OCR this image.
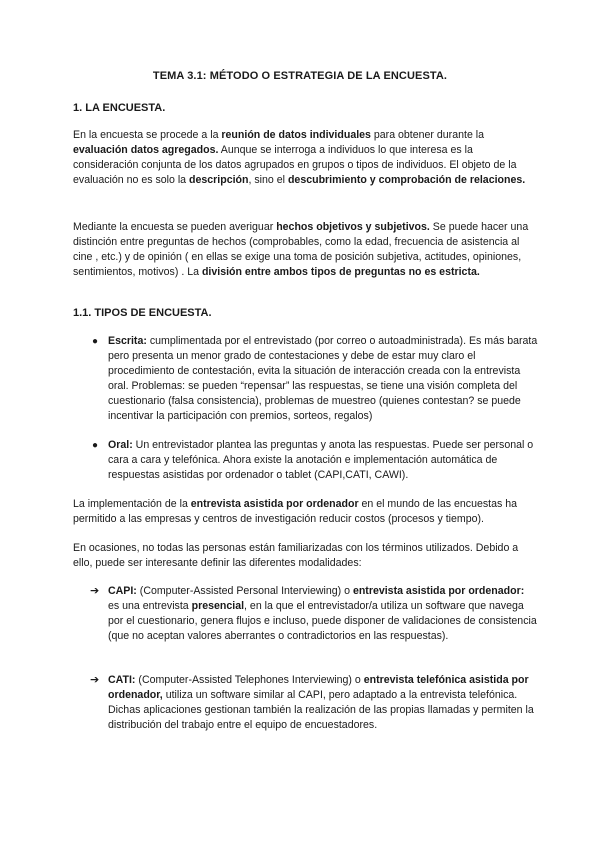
TEMA 3.1: MÉTODO O ESTRATEGIA DE LA ENCUESTA.
1. LA ENCUESTA.

En la encuesta se procede a la reunión de datos individuales para obtener durante la evaluación datos agregados. Aunque se interroga a individuos lo que interesa es la consideración conjunta de los datos agrupados en grupos o tipos de individuos. El objeto de la evaluación no es solo la descripción, sino el descubrimiento y comprobación de relaciones.

Mediante la encuesta se pueden averiguar hechos objetivos y subjetivos. Se puede hacer una distinción entre preguntas de hechos (comprobables, como la edad, frecuencia de asistencia al cine , etc.) y de opinión ( en ellas se exige una toma de posición subjetiva, actitudes, opiniones, sentimientos, motivos) . La división entre ambos tipos de preguntas no es estricta.

1.1. TIPOS DE ENCUESTA.
● Escrita: cumplimentada por el entrevistado (por correo o autoadministrada). Es más barata pero presenta un menor grado de contestaciones y debe de estar muy claro el procedimiento de contestación, evita la situación de interacción creada con la entrevista oral. Problemas: se pueden “repensar” las respuestas, se tiene una visión completa del cuestionario (falsa consistencia), problemas de muestreo (quienes contestan? se puede incentivar la participación con premios, sorteos, regalos)

● Oral: Un entrevistador plantea las preguntas y anota las respuestas. Puede ser personal o cara a cara y telefónica. Ahora existe la anotación e implementación automática de respuestas asistidas por ordenador o tablet (CAPI,CATI, CAWI).

La implementación de la entrevista asistida por ordenador en el mundo de las encuestas ha permitido a las empresas y centros de investigación reducir costos (procesos y tiempo).

En ocasiones, no todas las personas están familiarizadas con los términos utilizados. Debido a ello, puede ser interesante definir las diferentes modalidades:

➔ CAPI: (Computer-Assisted Personal Interviewing) o entrevista asistida por ordenador: es una entrevista presencial, en la que el entrevistador/a utiliza un software que navega por el cuestionario, genera flujos e incluso, puede disponer de validaciones de consistencia (que no aceptan valores aberrantes o contradictorios en las respuestas).

➔ CATI: (Computer-Assisted Telephones Interviewing) o entrevista telefónica asistida por ordenador, utiliza un software similar al CAPI, pero adaptado a la entrevista telefónica. Dichas aplicaciones gestionan también la realización de las propias llamadas y permiten la distribución del trabajo entre el equipo de encuestadores.
